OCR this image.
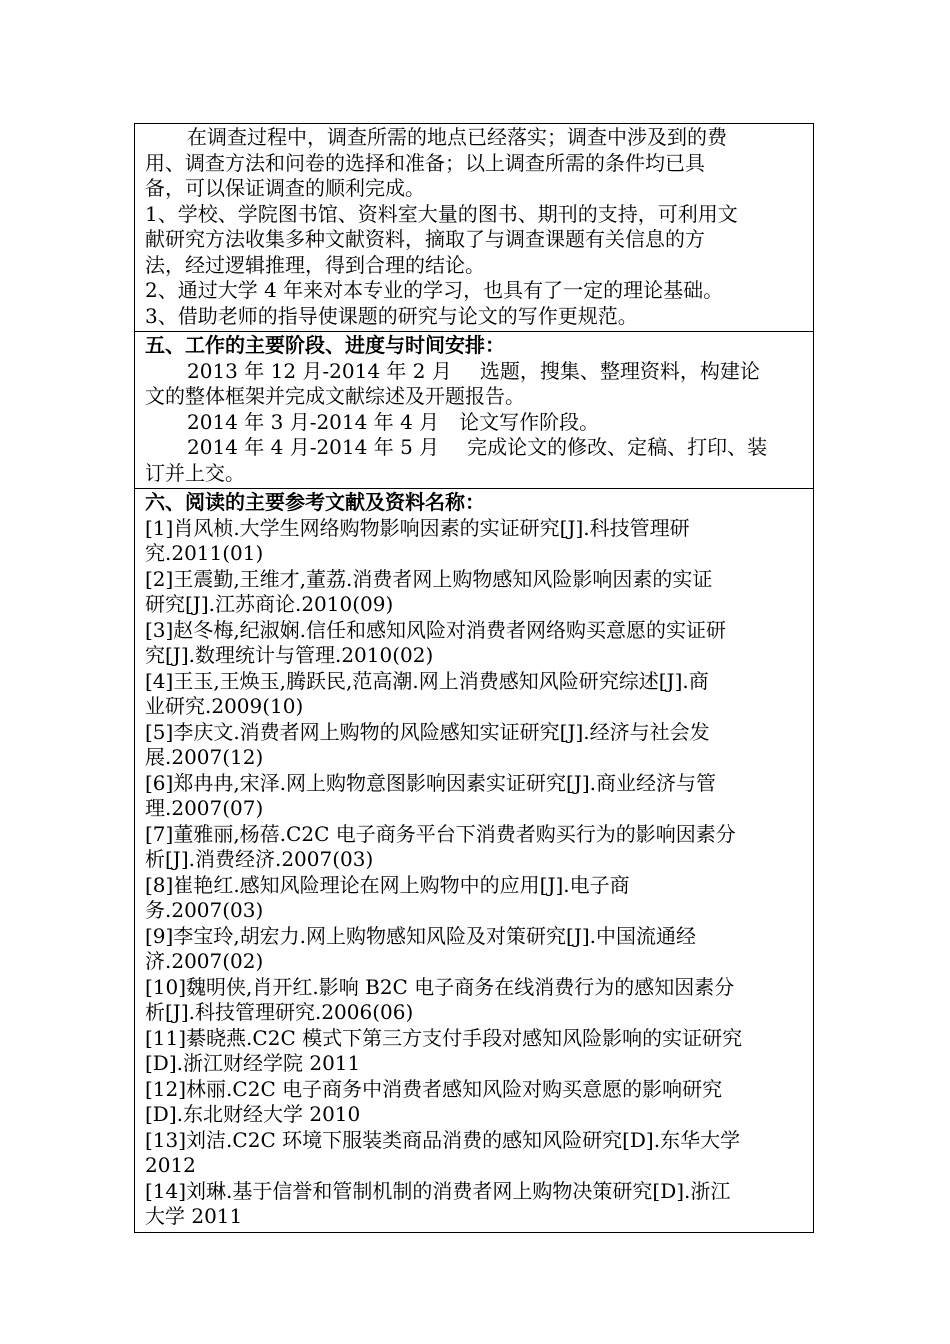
在调查过程中，调查所需的地点已经落实；调查中涉及到的费
用、调查方法和问卷的选择和准备；以上调查所需的条件均已具
备，可以保证调查的顺利完成。
1、学校、学院图书馆、资料室大量的图书、期刊的支持，可利用文
献研究方法收集多种文献资料，摘取了与调查课题有关信息的方
法，经过逻辑推理，得到合理的结论。
2、通过大学 4 年来对本专业的学习，也具有了一定的理论基础。
3、借助老师的指导使课题的研究与论文的写作更规范。
五、工作的主要阶段、进度与时间安排：
2013 年 12 月-2014 年 2 月 选题，搜集、整理资料，构建论
文的整体框架并完成文献综述及开题报告。
2014 年 3 月-2014 年 4 月 论文写作阶段。
2014 年 4 月-2014 年 5 月 完成论文的修改、定稿、打印、装
订并上交。
六、阅读的主要参考文献及资料名称：
[1]肖风桢.大学生网络购物影响因素的实证研究[J].科技管理研
究.2011(01)
[2]王震勤,王维才,董荔.消费者网上购物感知风险影响因素的实证
研究[J].江苏商论.2010(09)
[3]赵冬梅,纪淑娴.信任和感知风险对消费者网络购买意愿的实证研
究[J].数理统计与管理.2010(02)
[4]王玉,王焕玉,腾跃民,范高潮.网上消费感知风险研究综述[J].商
业研究.2009(10)
[5]李庆文.消费者网上购物的风险感知实证研究[J].经济与社会发
展.2007(12)
[6]郑冉冉,宋泽.网上购物意图影响因素实证研究[J].商业经济与管
理.2007(07)
[7]董雅丽,杨蓓.C2C 电子商务平台下消费者购买行为的影响因素分
析[J].消费经济.2007(03)
[8]崔艳红.感知风险理论在网上购物中的应用[J].电子商
务.2007(03)
[9]李宝玲,胡宏力.网上购物感知风险及对策研究[J].中国流通经
济.2007(02)
[10]魏明侠,肖开红.影响 B2C 电子商务在线消费行为的感知因素分
析[J].科技管理研究.2006(06)
[11]綦晓燕.C2C 模式下第三方支付手段对感知风险影响的实证研究
[D].浙江财经学院 2011
[12]林丽.C2C 电子商务中消费者感知风险对购买意愿的影响研究
[D].东北财经大学 2010
[13]刘洁.C2C 环境下服装类商品消费的感知风险研究[D].东华大学
2012
[14]刘琳.基于信誉和管制机制的消费者网上购物决策研究[D].浙江
大学 2011
